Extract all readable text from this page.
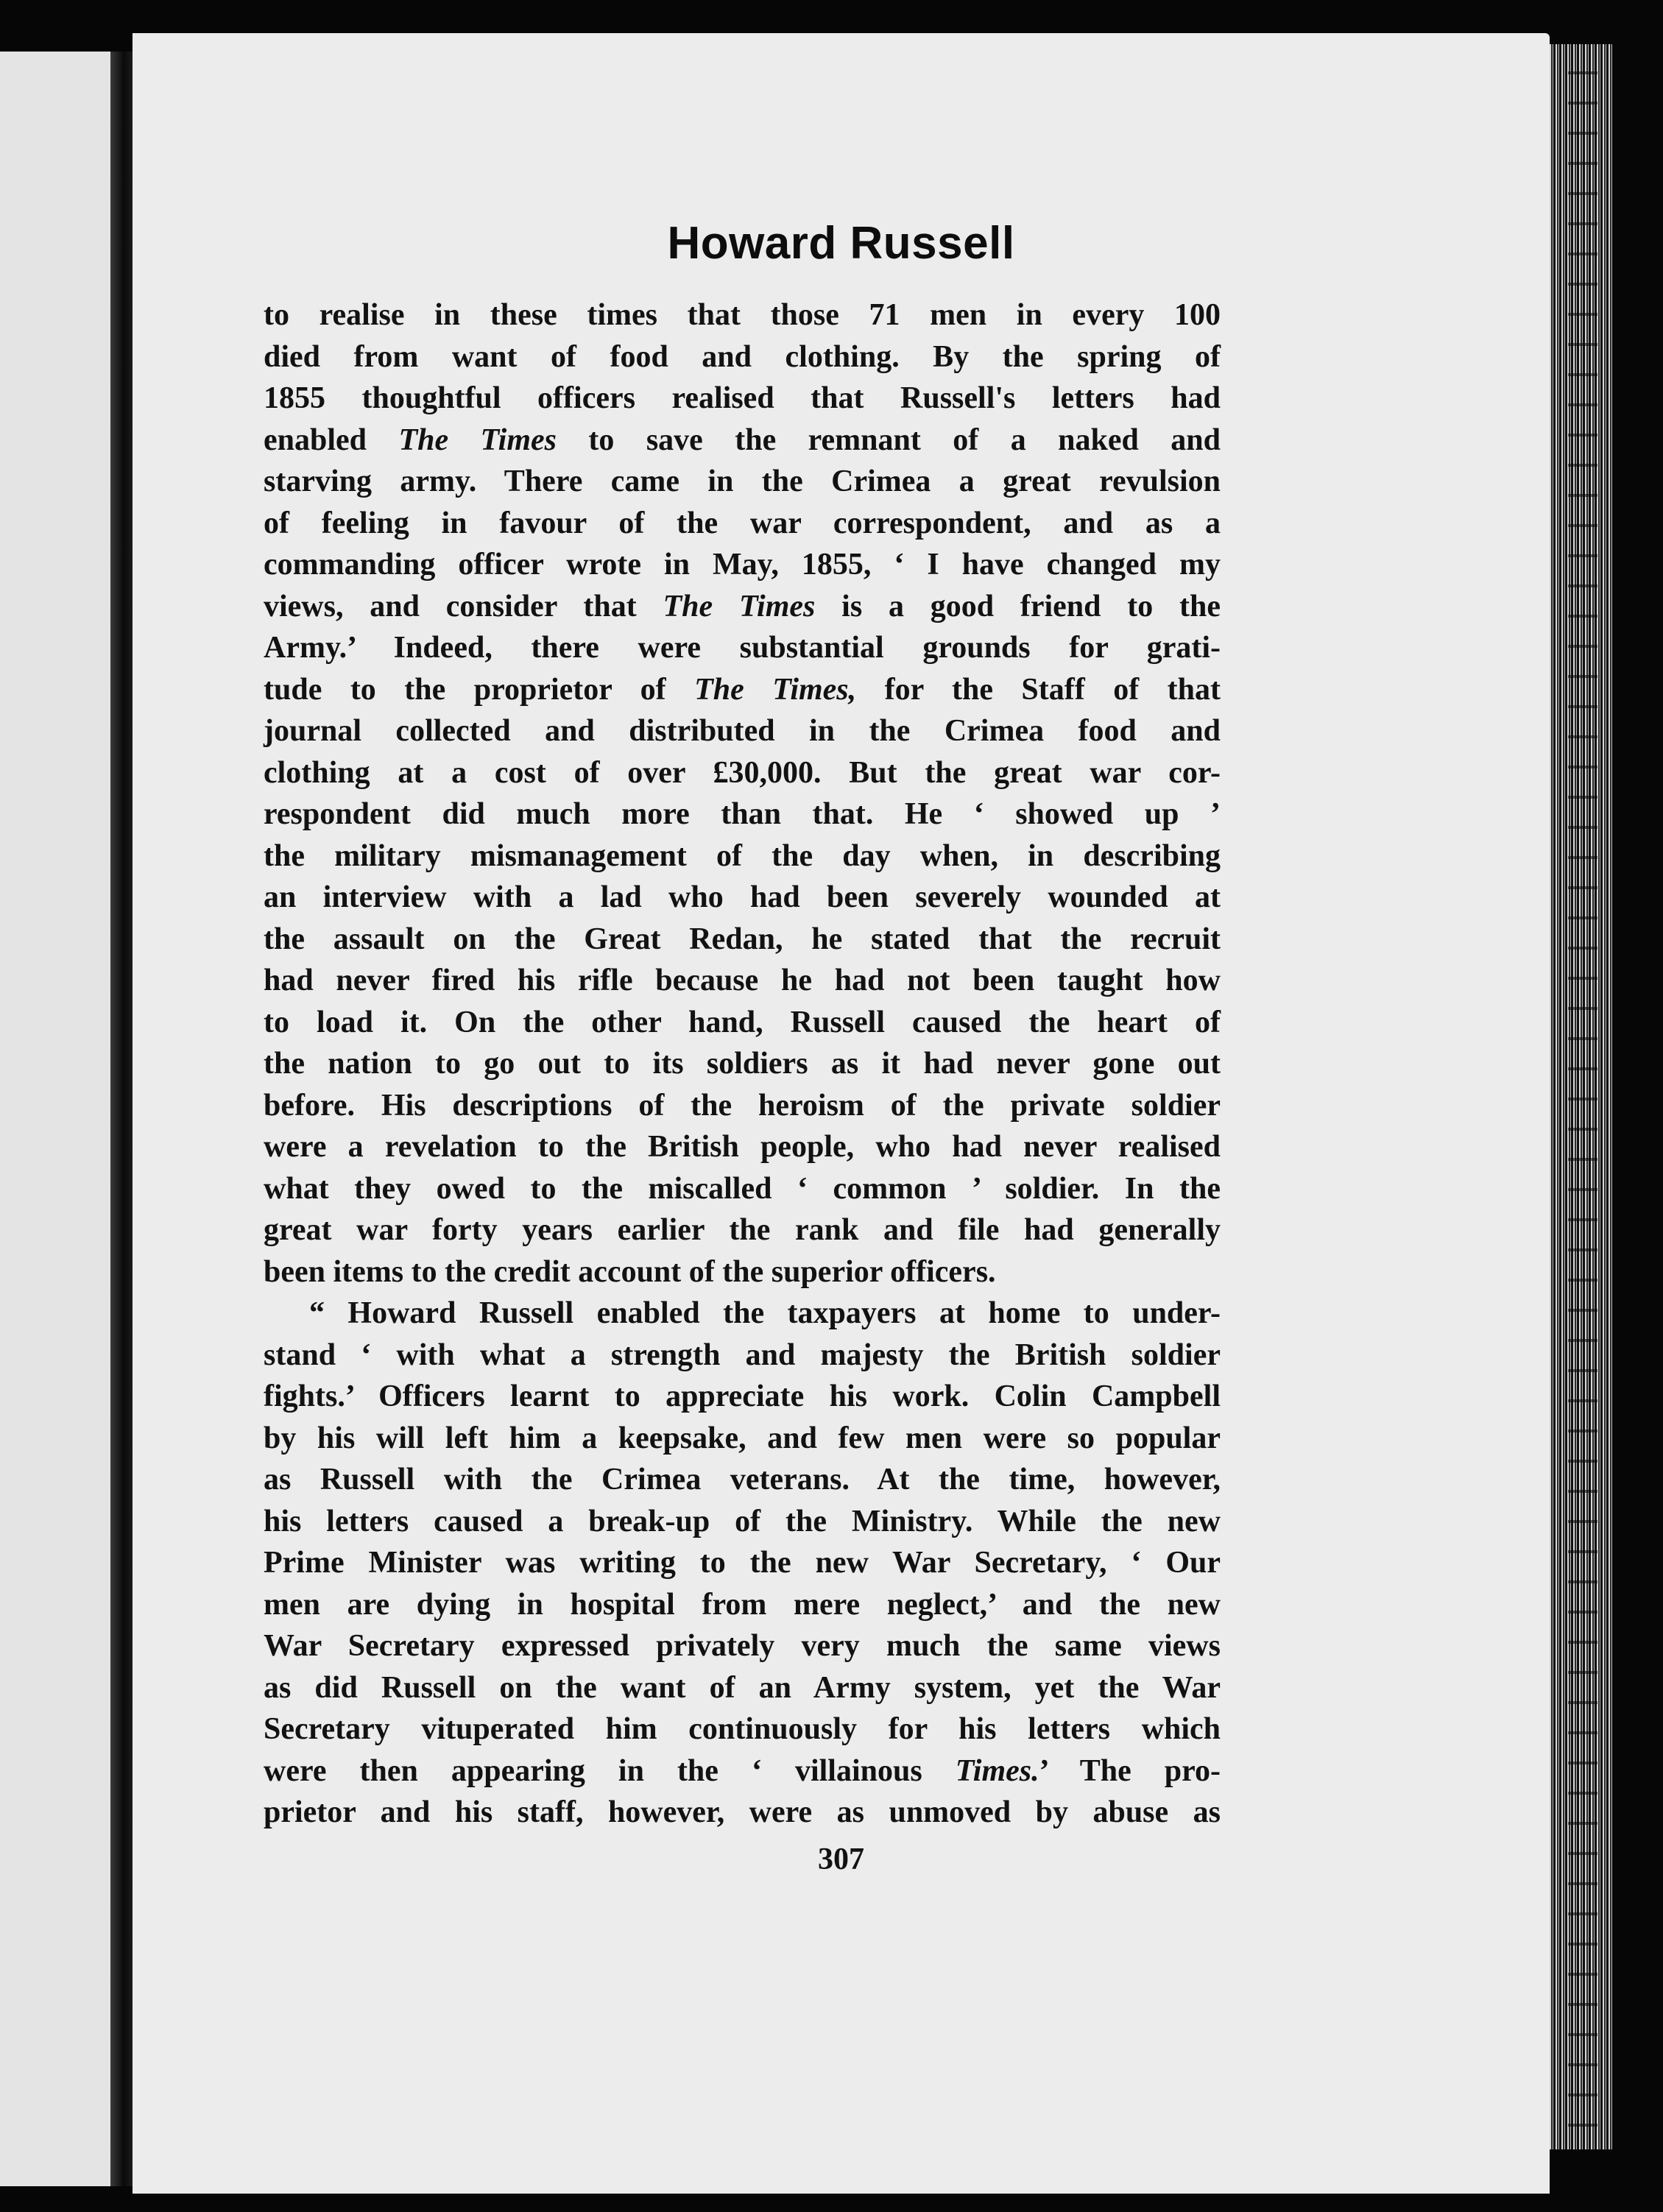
Howard Russell
to realise in these times that those 71 men in every 100
died from want of food and clothing. By the spring of
1855 thoughtful officers realised that Russell's letters had
enabled The Times to save the remnant of a naked and
starving army. There came in the Crimea a great revulsion
of feeling in favour of the war correspondent, and as a
commanding officer wrote in May, 1855, ‘ I have changed my
views, and consider that The Times is a good friend to the
Army.’ Indeed, there were substantial grounds for grati-
tude to the proprietor of The Times, for the Staff of that
journal collected and distributed in the Crimea food and
clothing at a cost of over £30,000. But the great war cor-
respondent did much more than that. He ‘ showed up ’
the military mismanagement of the day when, in describing
an interview with a lad who had been severely wounded at
the assault on the Great Redan, he stated that the recruit
had never fired his rifle because he had not been taught how
to load it. On the other hand, Russell caused the heart of
the nation to go out to its soldiers as it had never gone out
before. His descriptions of the heroism of the private soldier
were a revelation to the British people, who had never realised
what they owed to the miscalled ‘ common ’ soldier. In the
great war forty years earlier the rank and file had generally
been items to the credit account of the superior officers.
“ Howard Russell enabled the taxpayers at home to under-
stand ‘ with what a strength and majesty the British soldier
fights.’ Officers learnt to appreciate his work. Colin Campbell
by his will left him a keepsake, and few men were so popular
as Russell with the Crimea veterans. At the time, however,
his letters caused a break-up of the Ministry. While the new
Prime Minister was writing to the new War Secretary, ‘ Our
men are dying in hospital from mere neglect,’ and the new
War Secretary expressed privately very much the same views
as did Russell on the want of an Army system, yet the War
Secretary vituperated him continuously for his letters which
were then appearing in the ‘ villainous Times.’ The pro-
prietor and his staff, however, were as unmoved by abuse as
307
